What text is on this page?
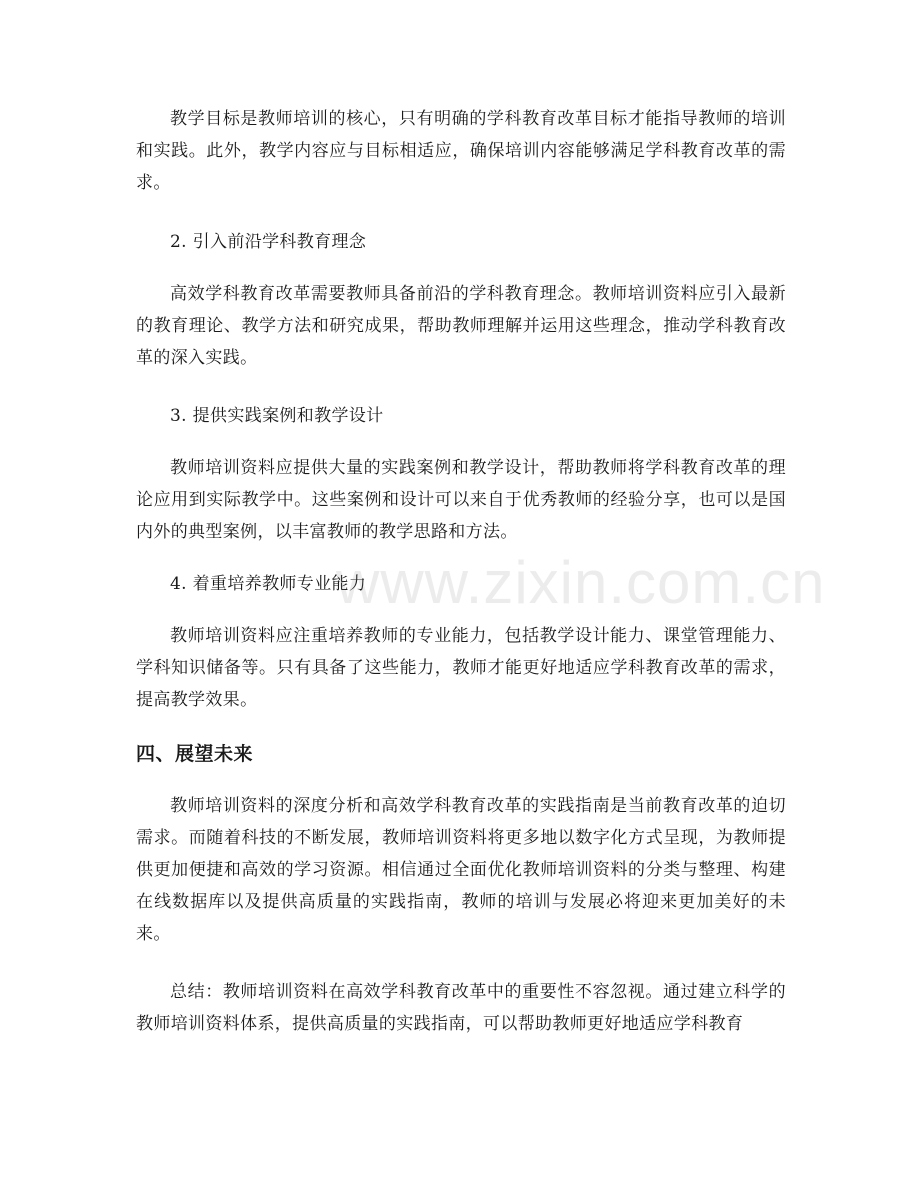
教学目标是教师培训的核心，只有明确的学科教育改革目标才能指导教师的培训和实践。此外，教学内容应与目标相适应，确保培训内容能够满足学科教育改革的需求。

2. 引入前沿学科教育理念

高效学科教育改革需要教师具备前沿的学科教育理念。教师培训资料应引入最新的教育理论、教学方法和研究成果，帮助教师理解并运用这些理念，推动学科教育改革的深入实践。

3. 提供实践案例和教学设计

教师培训资料应提供大量的实践案例和教学设计，帮助教师将学科教育改革的理论应用到实际教学中。这些案例和设计可以来自于优秀教师的经验分享，也可以是国内外的典型案例，以丰富教师的教学思路和方法。

4. 着重培养教师专业能力

教师培训资料应注重培养教师的专业能力，包括教学设计能力、课堂管理能力、学科知识储备等。只有具备了这些能力，教师才能更好地适应学科教育改革的需求，提高教学效果。

四、展望未来

教师培训资料的深度分析和高效学科教育改革的实践指南是当前教育改革的迫切需求。而随着科技的不断发展，教师培训资料将更多地以数字化方式呈现，为教师提供更加便捷和高效的学习资源。相信通过全面优化教师培训资料的分类与整理、构建在线数据库以及提供高质量的实践指南，教师的培训与发展必将迎来更加美好的未来。

总结：教师培训资料在高效学科教育改革中的重要性不容忽视。通过建立科学的教师培训资料体系，提供高质量的实践指南，可以帮助教师更好地适应学科教育

www.zixin.com.cn
